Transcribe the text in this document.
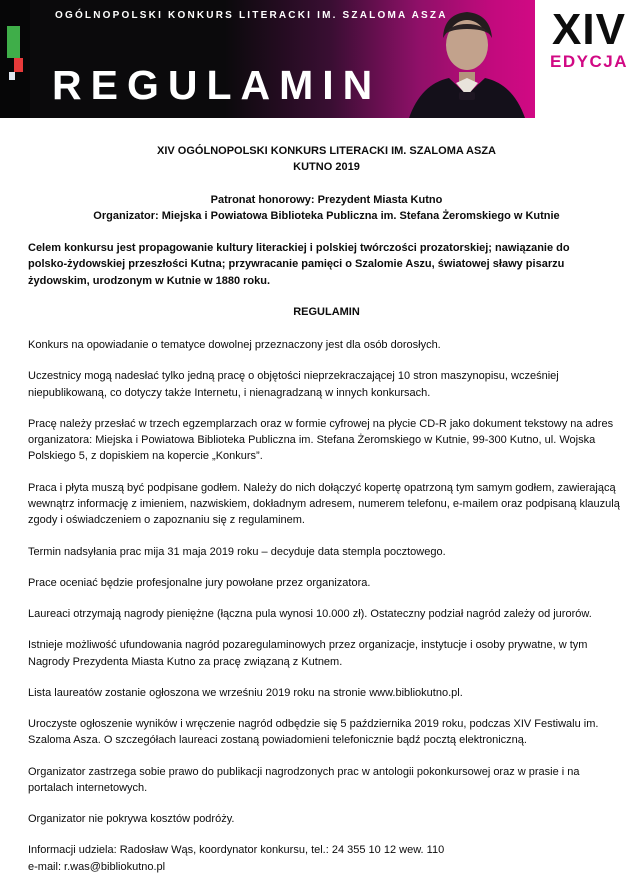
OGÓLNOPOLSKI KONKURS LITERACKI IM. SZALOMA ASZA
REGULAMIN
XIV
EDYCJA

XIV OGÓLNOPOLSKI KONKURS LITERACKI IM. SZALOMA ASZA
KUTNO 2019

Patronat honorowy: Prezydent Miasta Kutno
Organizator: Miejska i Powiatowa Biblioteka Publiczna im. Stefana Żeromskiego w Kutnie

Celem konkursu jest propagowanie kultury literackiej i polskiej twórczości prozatorskiej; nawiązanie do polsko-żydowskiej przeszłości Kutna; przywracanie pamięci o Szalomie Aszu, światowej sławy pisarzu żydowskim, urodzonym w Kutnie w 1880 roku.

REGULAMIN

Konkurs na opowiadanie o tematyce dowolnej przeznaczony jest dla osób dorosłych.

Uczestnicy mogą nadesłać tylko jedną pracę o objętości nieprzekraczającej 10 stron maszynopisu, wcześniej niepublikowaną, co dotyczy także Internetu, i nienagradzaną w innych konkursach.

Pracę należy przesłać w trzech egzemplarzach oraz w formie cyfrowej na płycie CD-R jako dokument tekstowy na adres organizatora: Miejska i Powiatowa Biblioteka Publiczna im. Stefana Żeromskiego w Kutnie, 99-300 Kutno, ul. Wojska Polskiego 5, z dopiskiem na kopercie „Konkurs”.

Praca i płyta muszą być podpisane godłem. Należy do nich dołączyć kopertę opatrzoną tym samym godłem, zawierającą wewnątrz informację z imieniem, nazwiskiem, dokładnym adresem, numerem telefonu, e-mailem oraz podpisaną klauzulą zgody i oświadczeniem o zapoznaniu się z regulaminem.

Termin nadsyłania prac mija 31 maja 2019 roku – decyduje data stempla pocztowego.

Prace oceniać będzie profesjonalne jury powołane przez organizatora.

Laureaci otrzymają nagrody pieniężne (łączna pula wynosi 10.000 zł). Ostateczny podział nagród zależy od jurorów.

Istnieje możliwość ufundowania nagród pozaregulaminowych przez organizacje, instytucje i osoby prywatne, w tym Nagrody Prezydenta Miasta Kutno za pracę związaną z Kutnem.

Lista laureatów zostanie ogłoszona we wrześniu 2019 roku na stronie www.bibliokutno.pl.

Uroczyste ogłoszenie wyników i wręczenie nagród odbędzie się 5 października 2019 roku, podczas XIV Festiwalu im. Szaloma Asza. O szczegółach laureaci zostaną powiadomieni telefonicznie bądź pocztą elektroniczną.

Organizator zastrzega sobie prawo do publikacji nagrodzonych prac w antologii pokonkursowej oraz w prasie i na portalach internetowych.

Organizator nie pokrywa kosztów podróży.

Informacji udziela: Radosław Wąs, koordynator konkursu, tel.: 24 355 10 12 wew. 110
e-mail: r.was@bibliokutno.pl
